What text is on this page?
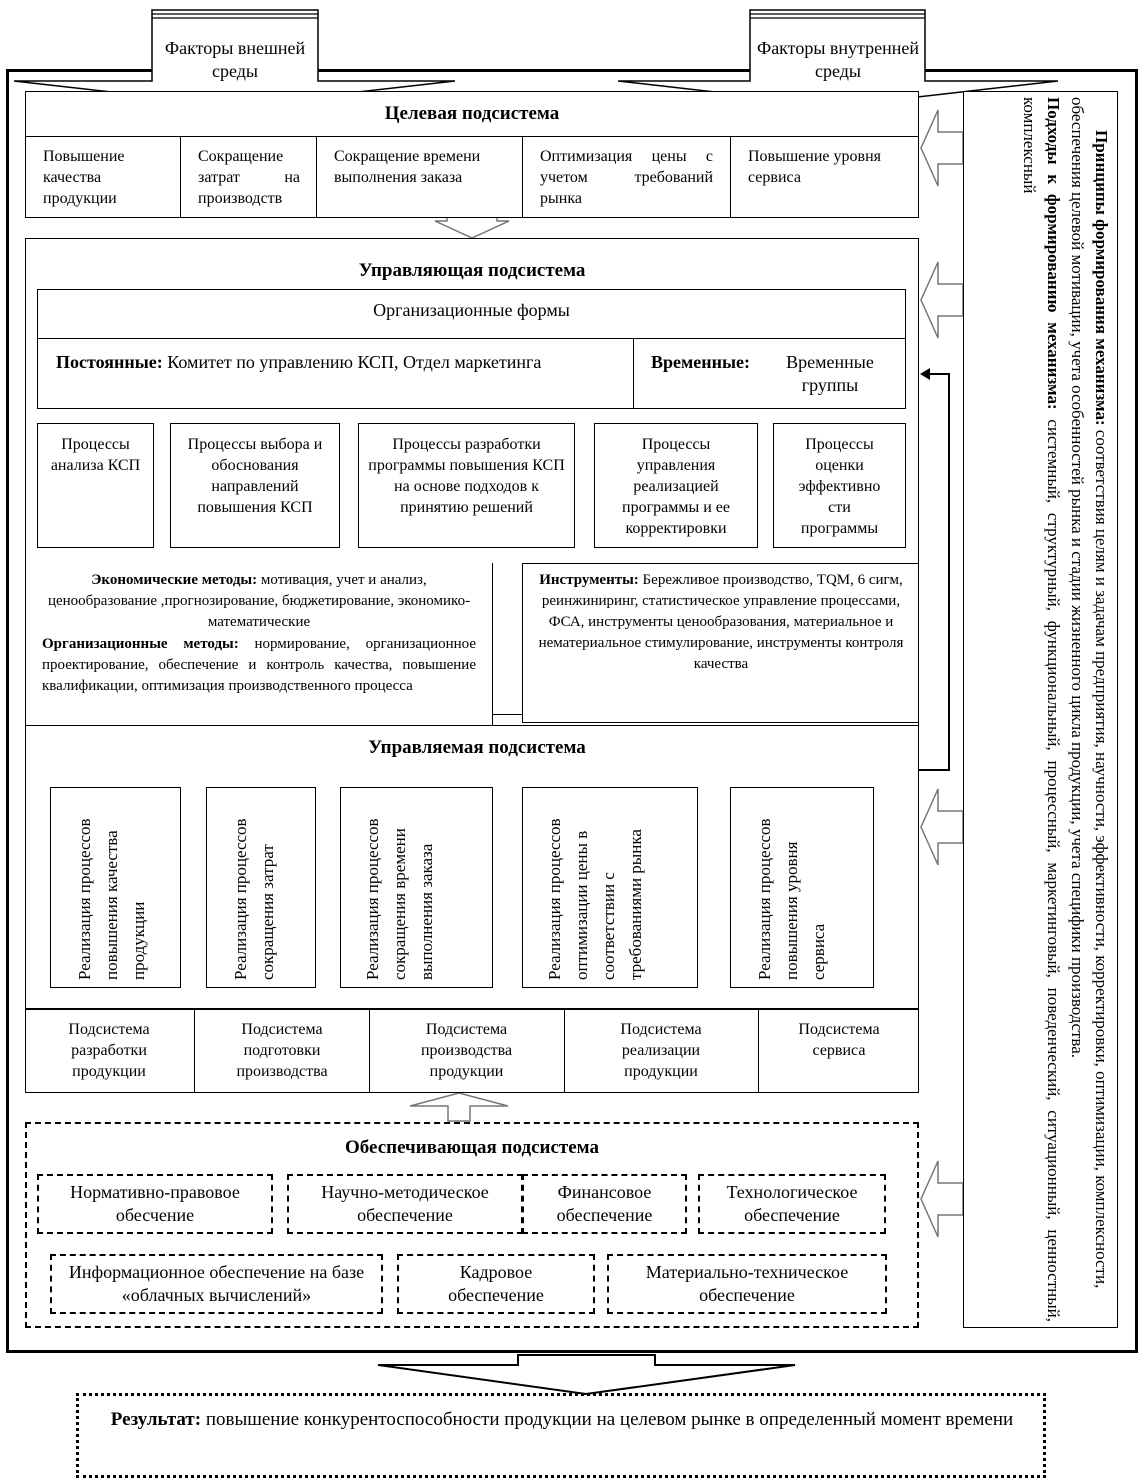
Факторы внешней среды
Факторы внутренней среды
Целевая подсистема
Повышение качества продукции
Сокращение затрат на производств
Сокращение времени выполнения заказа
Оптимизация цены с учетом требований рынка
Повышение уровня сервиса
Управляющая подсистема
Организационные формы
Постоянные: Комитет по управлению КСП, Отдел маркетинга	Временные:	Временные группы
Процессы анализа КСП
Процессы выбора и обоснования направлений повышения КСП
Процессы разработки программы повышения КСП на основе подходов к принятию решений
Процессы управления реализацией программы и ее корректировки
Процессы оценки эффективно сти программы
Экономические методы: мотивация, учет и анализ, ценообразование ,прогнозирование, бюджетирование, экономико-математические
Организационные методы: нормирование, организационное проектирование, обеспечение и контроль качества, повышение квалификации, оптимизация производственного процесса
Инструменты: Бережливое производство, TQM, 6 сигм, реинжиниринг, статистическое управление процессами, ФСА, инструменты ценообразования, материальное и нематериальное стимулирование, инструменты контроля качества
Управляемая подсистема
Реализация процессов повышения качества продукции	Реализация процессов сокращения затрат	Реализация процессов сокращения времени выполнения заказа	Реализация процессов оптимизации цены в соответствии с требованиями рынка	Реализация процессов повышения уровня сервиса
Подсистема разработки продукции
Подсистема подготовки производства
Подсистема производства продукции
Подсистема реализации продукции
Подсистема сервиса
Обеспечивающая подсистема
Нормативно-правовое обесчение
Научно-методическое обеспечение
Финансовое обеспечение
Технологическое обеспечение
Информационное обеспечение на базе «облачных вычислений»
Кадровое обеспечение
Материально-техническое обеспечение
Принципы формирования механизма: соответствия целям и задачам предприятия, научности, эффективности, корректировки, оптимизации, комплексности, обеспечения целевой мотивации, учета особенностей рынка и стадии жизненного цикла продукции, учета специфики производства.
Подходы к формированию механизма: системный, структурный, функциональный, процессный, маркетинговый, поведенческий, ситуационный, ценностный, комплексный
Результат: повышение конкурентоспособности продукции на целевом рынке в определенный момент времени
